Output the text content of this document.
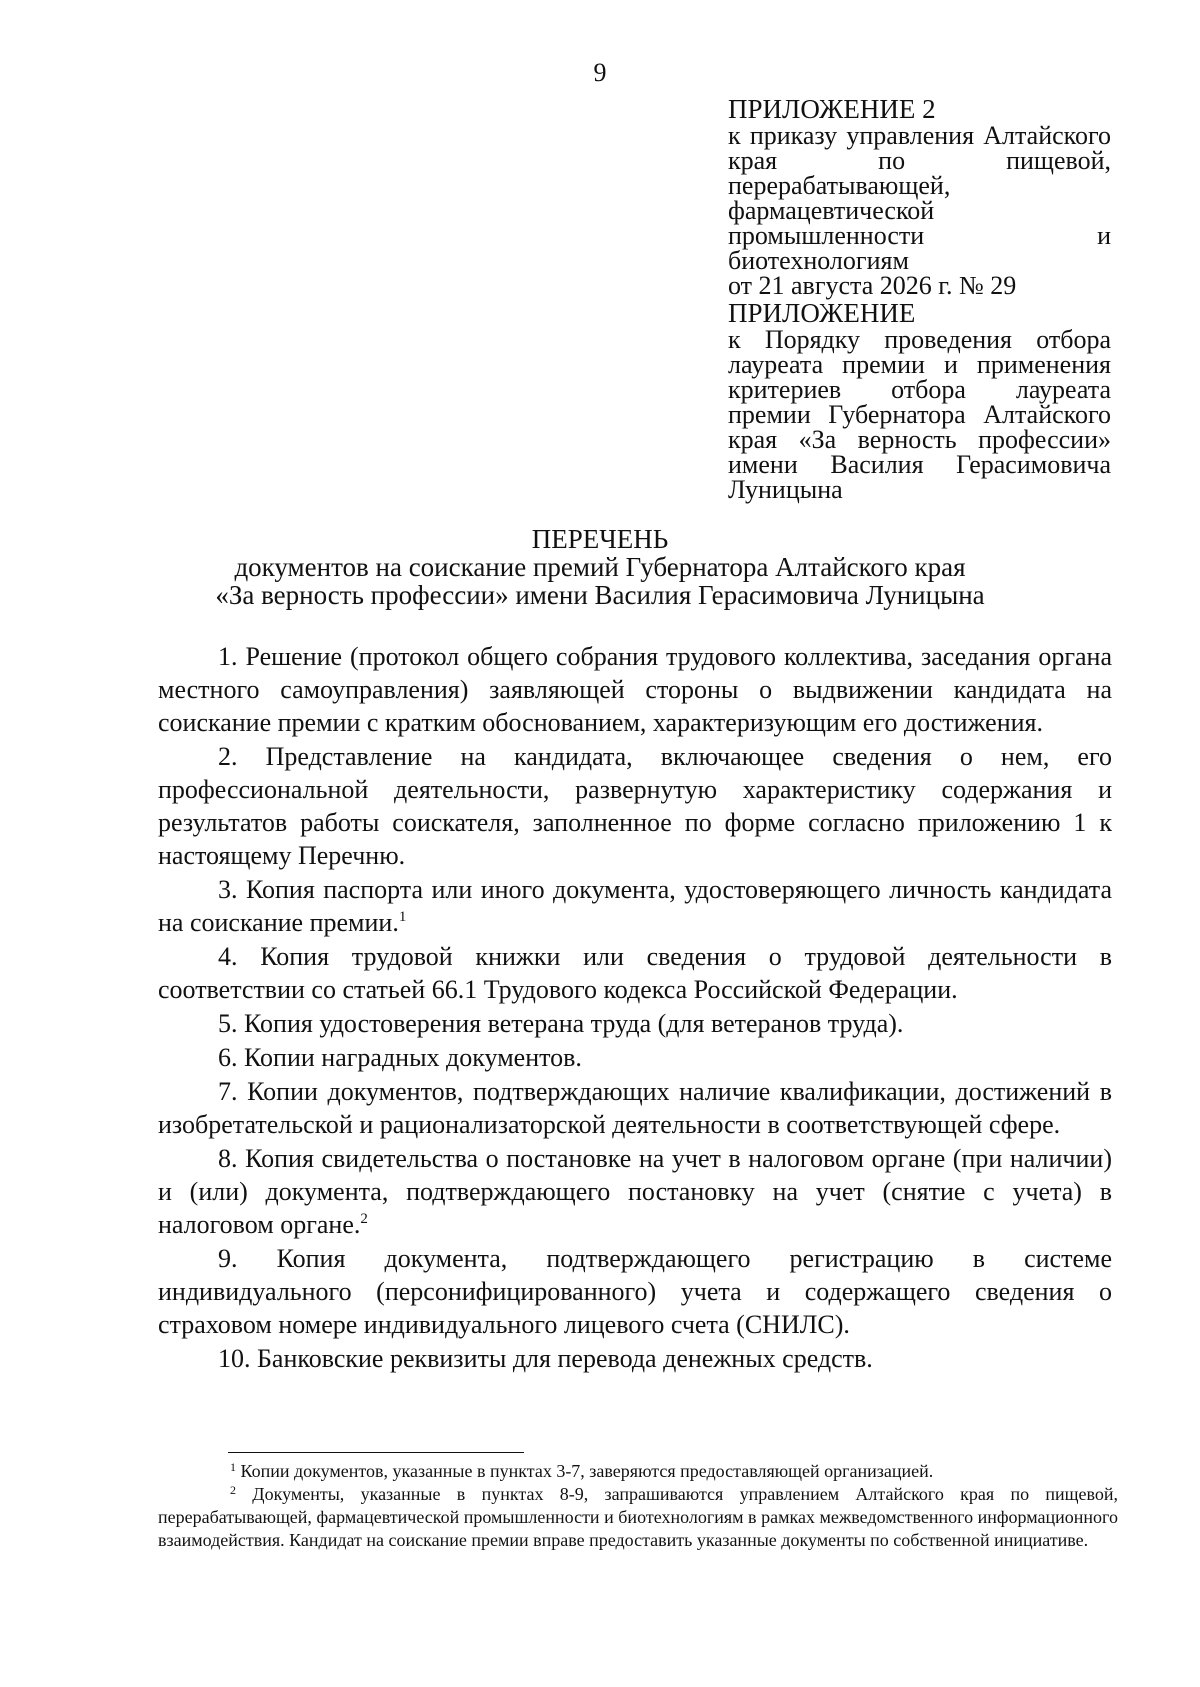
9
ПРИЛОЖЕНИЕ 2
к приказу управления Алтайского края по пищевой, перерабатывающей, фармацевтической промышленности и биотехнологиям
от 21 августа 2026 г. № 29
ПРИЛОЖЕНИЕ
к Порядку проведения отбора лауреата премии и применения критериев отбора лауреата премии Губернатора Алтайского края «За верность профессии» имени Василия Герасимовича Луницына
ПЕРЕЧЕНЬ
документов на соискание премий Губернатора Алтайского края
«За верность профессии» имени Василия Герасимовича Луницына

1. Решение (протокол общего собрания трудового коллектива, заседания органа местного самоуправления) заявляющей стороны о выдвижении кандидата на соискание премии с кратким обоснованием, характеризующим его достижения.

2. Представление на кандидата, включающее сведения о нем, его профессиональной деятельности, развернутую характеристику содержания и результатов работы соискателя, заполненное по форме согласно приложению 1 к настоящему Перечню.

3. Копия паспорта или иного документа, удостоверяющего личность кандидата на соискание премии.$^1$

4. Копия трудовой книжки или сведения о трудовой деятельности в соответствии со статьей 66.1 Трудового кодекса Российской Федерации.

5. Копия удостоверения ветерана труда (для ветеранов труда).

6. Копии наградных документов.

7. Копии документов, подтверждающих наличие квалификации, достижений в изобретательской и рационализаторской деятельности в соответствующей сфере.

8. Копия свидетельства о постановке на учет в налоговом органе (при наличии) и (или) документа, подтверждающего постановку на учет (снятие с учета) в налоговом органе.$^2$

9. Копия документа, подтверждающего регистрацию в системе индивидуального (персонифицированного) учета и содержащего сведения о страховом номере индивидуального лицевого счета (СНИЛС).

10. Банковские реквизиты для перевода денежных средств.

$^1$ Копии документов, указанные в пунктах 3-7, заверяются предоставляющей организацией.

$^2$ Документы, указанные в пунктах 8-9, запрашиваются управлением Алтайского края по пищевой, перерабатывающей, фармацевтической промышленности и биотехнологиям в рамках межведомственного информационного взаимодействия. Кандидат на соискание премии вправе предоставить указанные документы по собственной инициативе.
